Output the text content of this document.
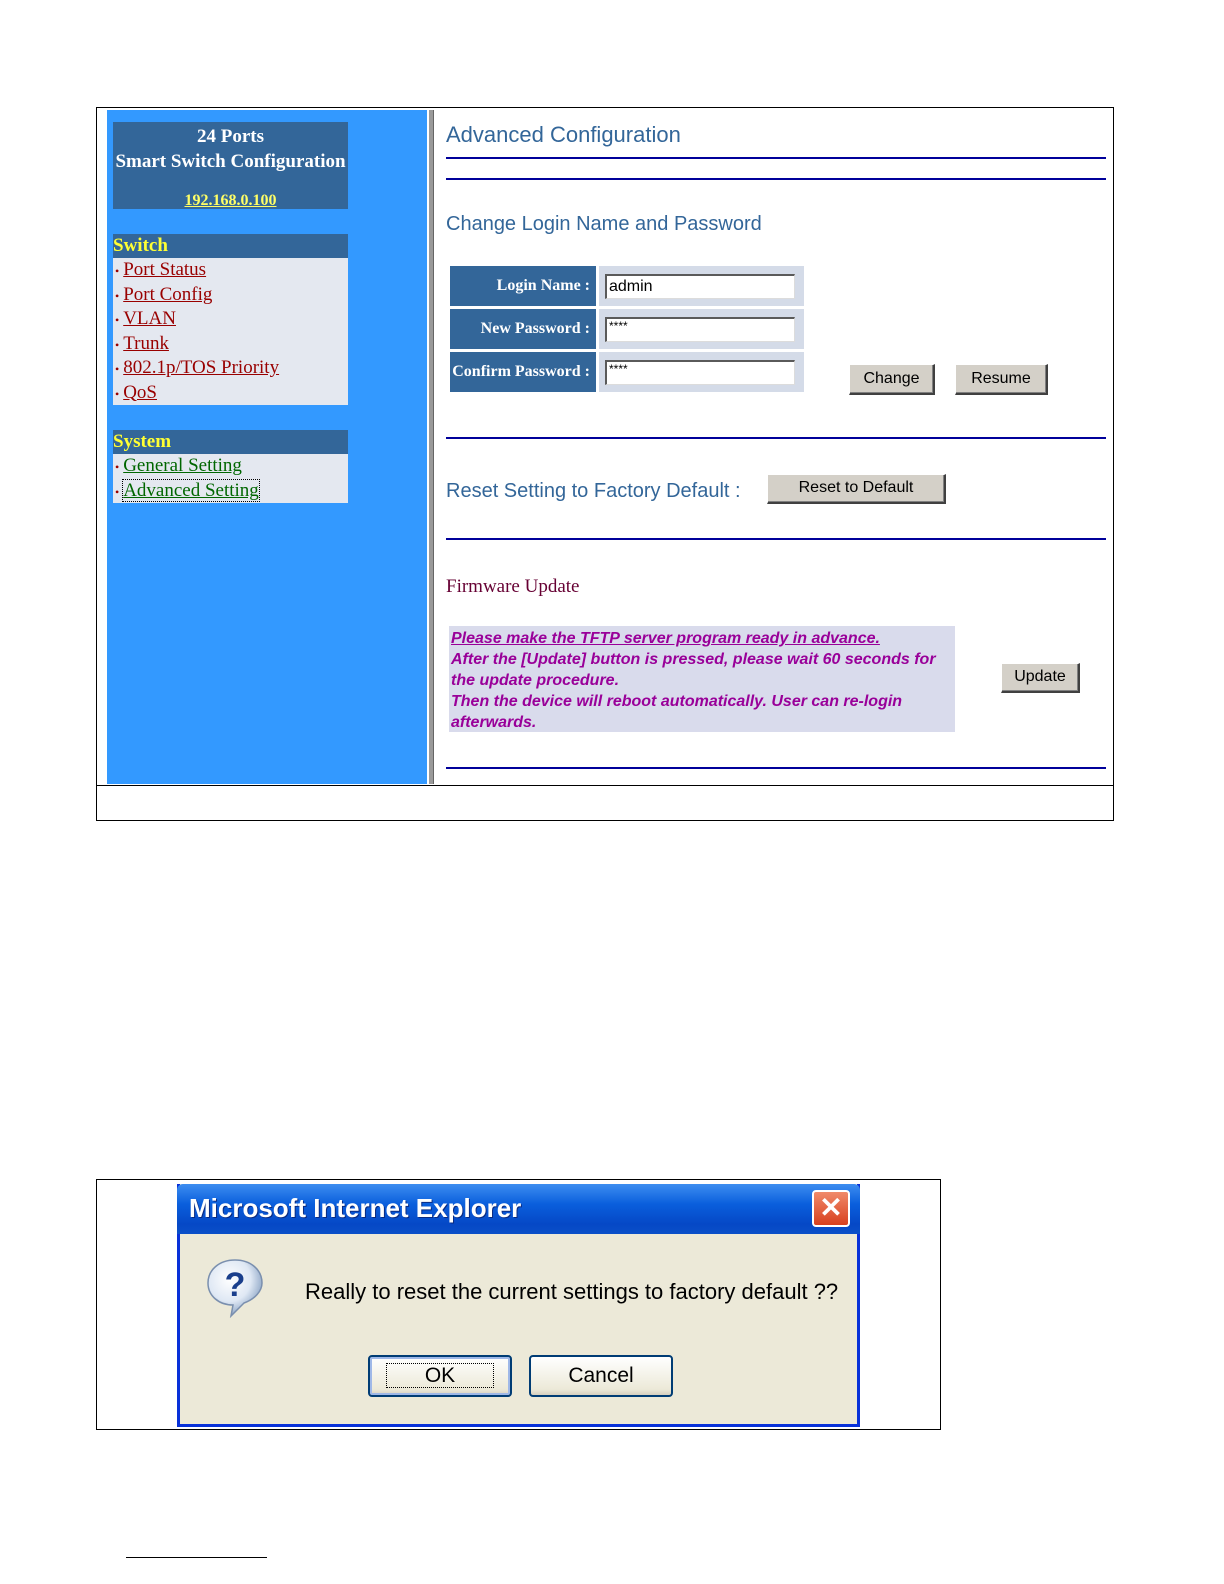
24 Ports
Smart Switch Configuration
192.168.0.100
Switch
• Port Status
• Port Config
• VLAN
• Trunk
• 802.1p/TOS Priority
• QoS
System
• General Setting
• Advanced Setting
Advanced Configuration
Change Login Name and Password
Login Name :	admin

New Password :	****

Confirm Password :	****
Change	Resume
Reset Setting to Factory Default :	Reset to Default
Firmware Update
Please make the TFTP server program ready in advance.
After the [Update] button is pressed, please wait 60 seconds for the update procedure.
Then the device will reboot automatically. User can re-login afterwards.
Update
Microsoft Internet Explorer	✕
?	Really to reset the current settings to factory default ??
OK	Cancel
